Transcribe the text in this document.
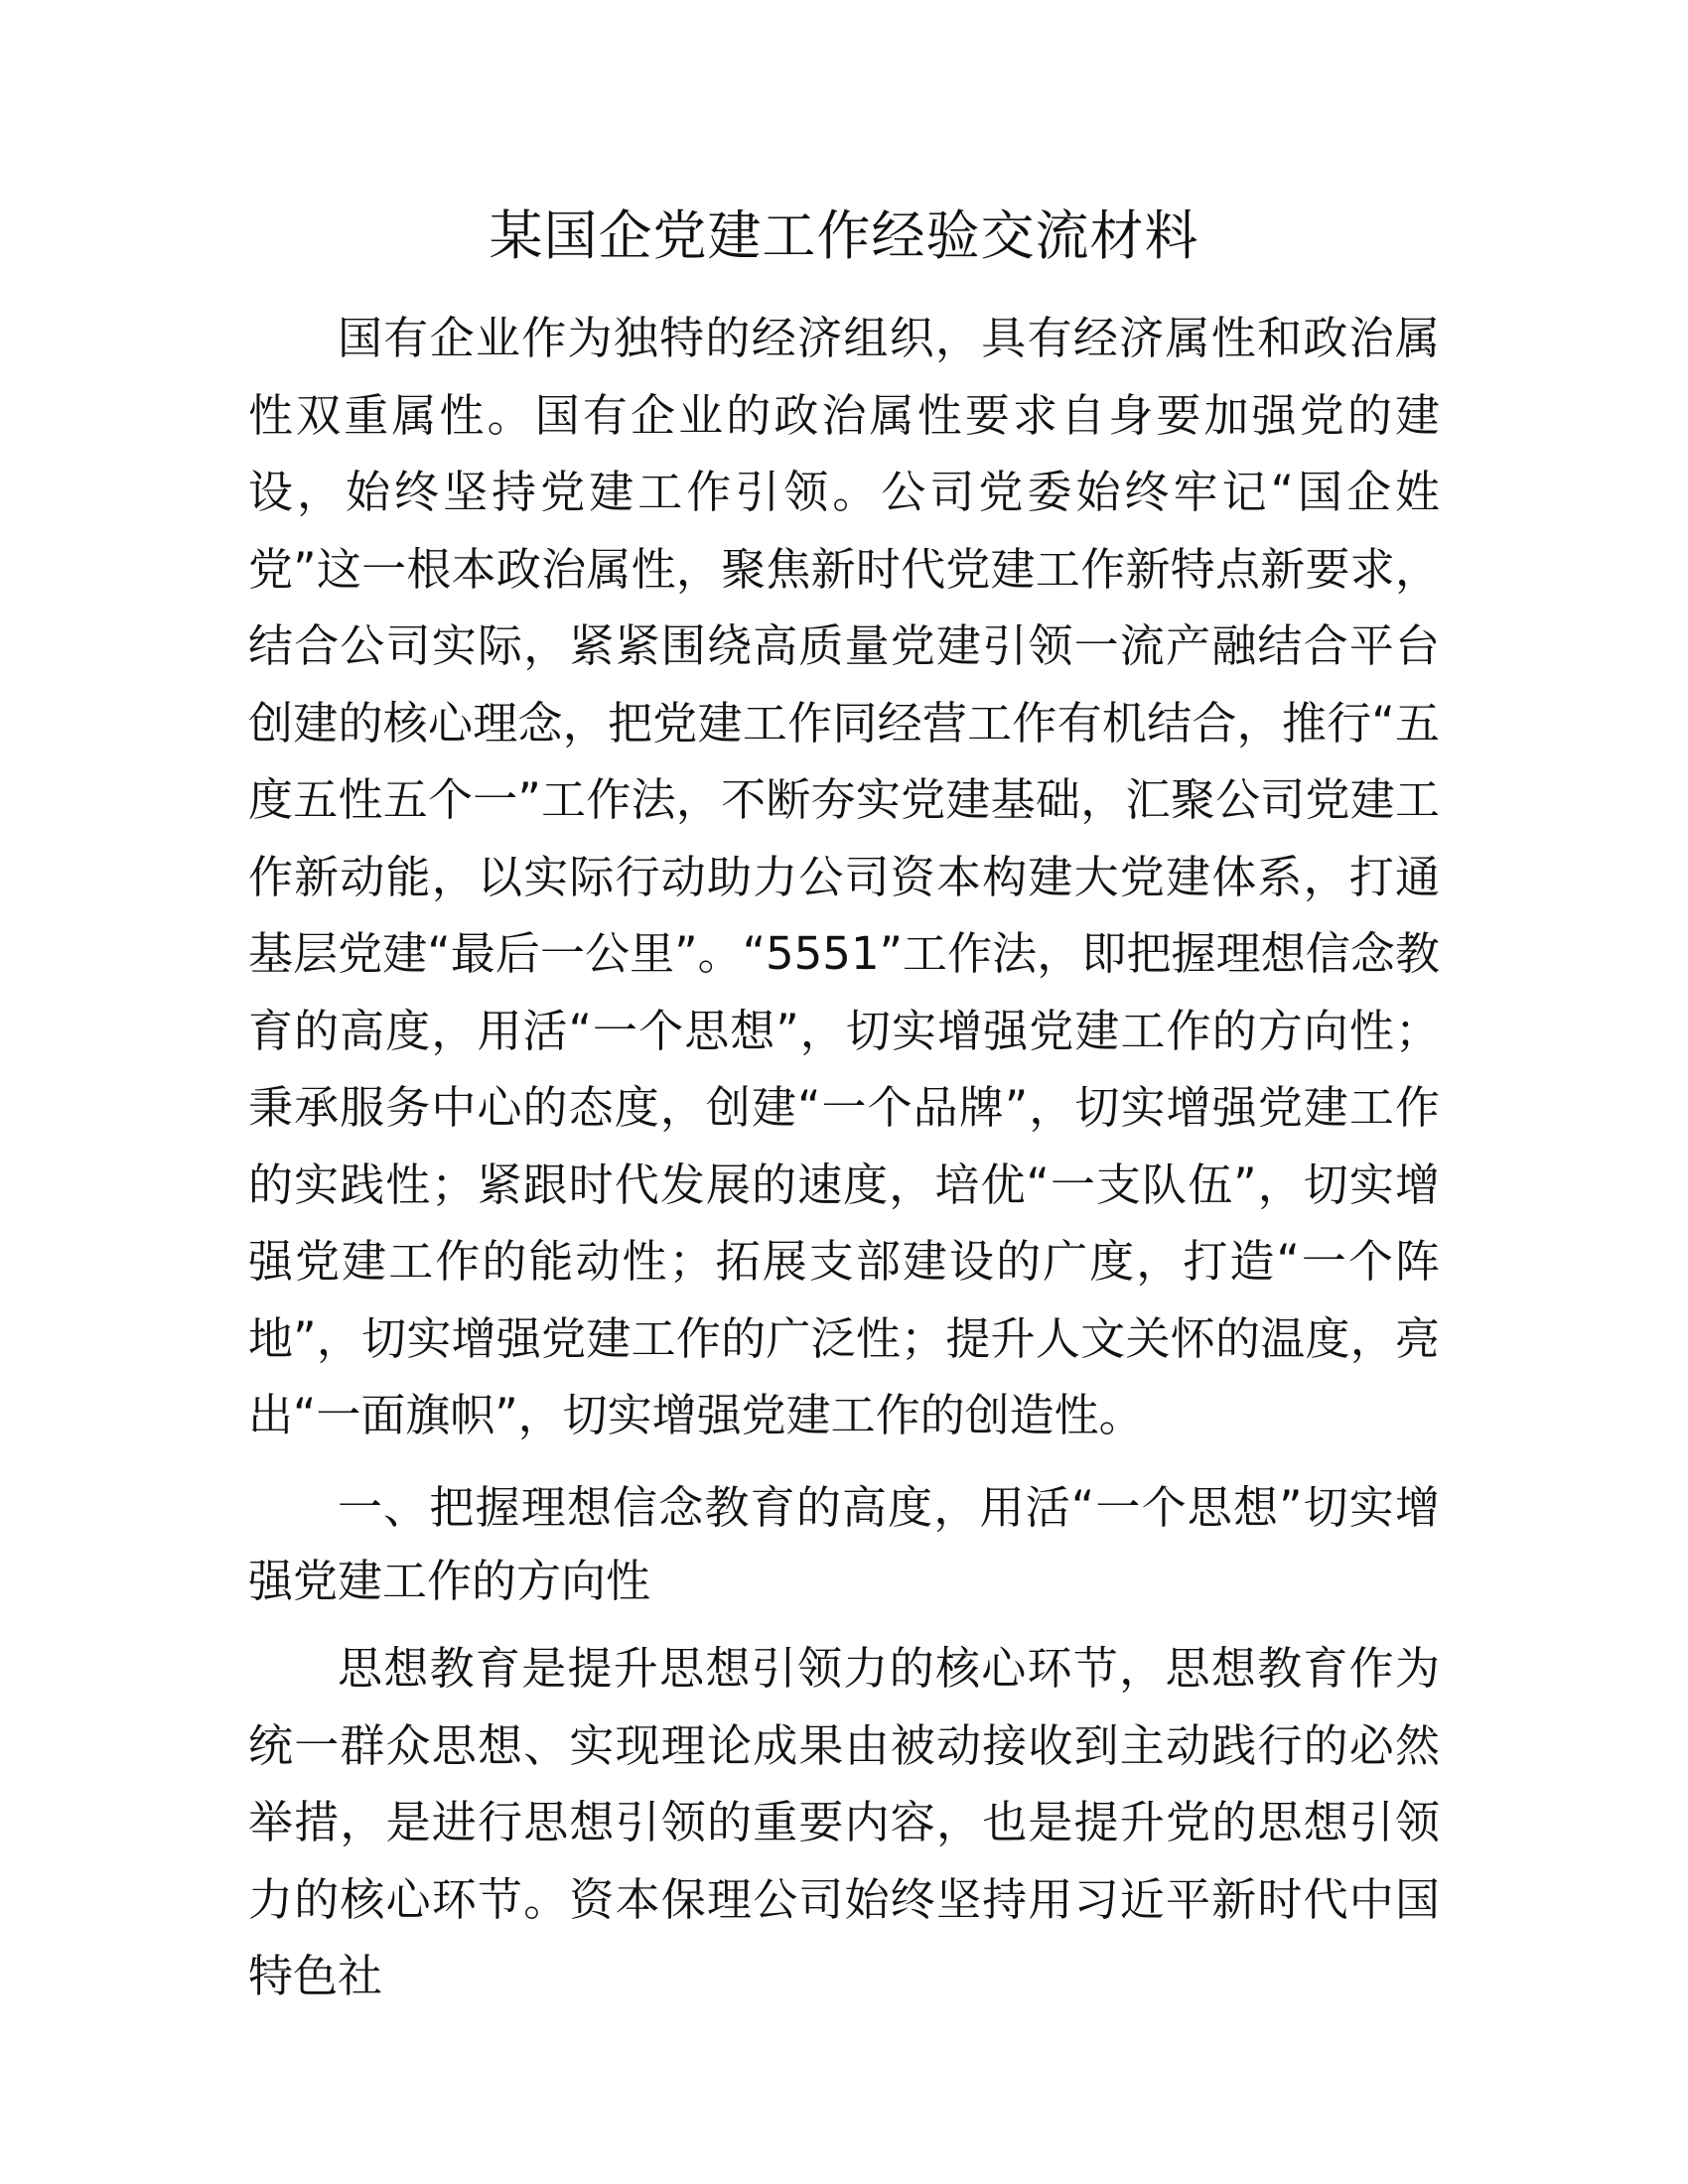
某国企党建工作经验交流材料

国有企业作为独特的经济组织，具有经济属性和政治属性双重属性。国有企业的政治属性要求自身要加强党的建设，始终坚持党建工作引领。公司党委始终牢记“国企姓党”这一根本政治属性，聚焦新时代党建工作新特点新要求，结合公司实际，紧紧围绕高质量党建引领一流产融结合平台创建的核心理念，把党建工作同经营工作有机结合，推行“五度五性五个一”工作法，不断夯实党建基础，汇聚公司党建工作新动能，以实际行动助力公司资本构建大党建体系，打通基层党建“最后一公里”。“5551”工作法，即把握理想信念教育的高度，用活“一个思想”，切实增强党建工作的方向性；秉承服务中心的态度，创建“一个品牌”，切实增强党建工作的实践性；紧跟时代发展的速度，培优“一支队伍”，切实增强党建工作的能动性；拓展支部建设的广度，打造“一个阵地”，切实增强党建工作的广泛性；提升人文关怀的温度，亮出“一面旗帜”，切实增强党建工作的创造性。

一、把握理想信念教育的高度，用活“一个思想”切实增强党建工作的方向性

思想教育是提升思想引领力的核心环节，思想教育作为统一群众思想、实现理论成果由被动接收到主动践行的必然举措，是进行思想引领的重要内容，也是提升党的思想引领力的核心环节。资本保理公司始终坚持用习近平新时代中国特色社
